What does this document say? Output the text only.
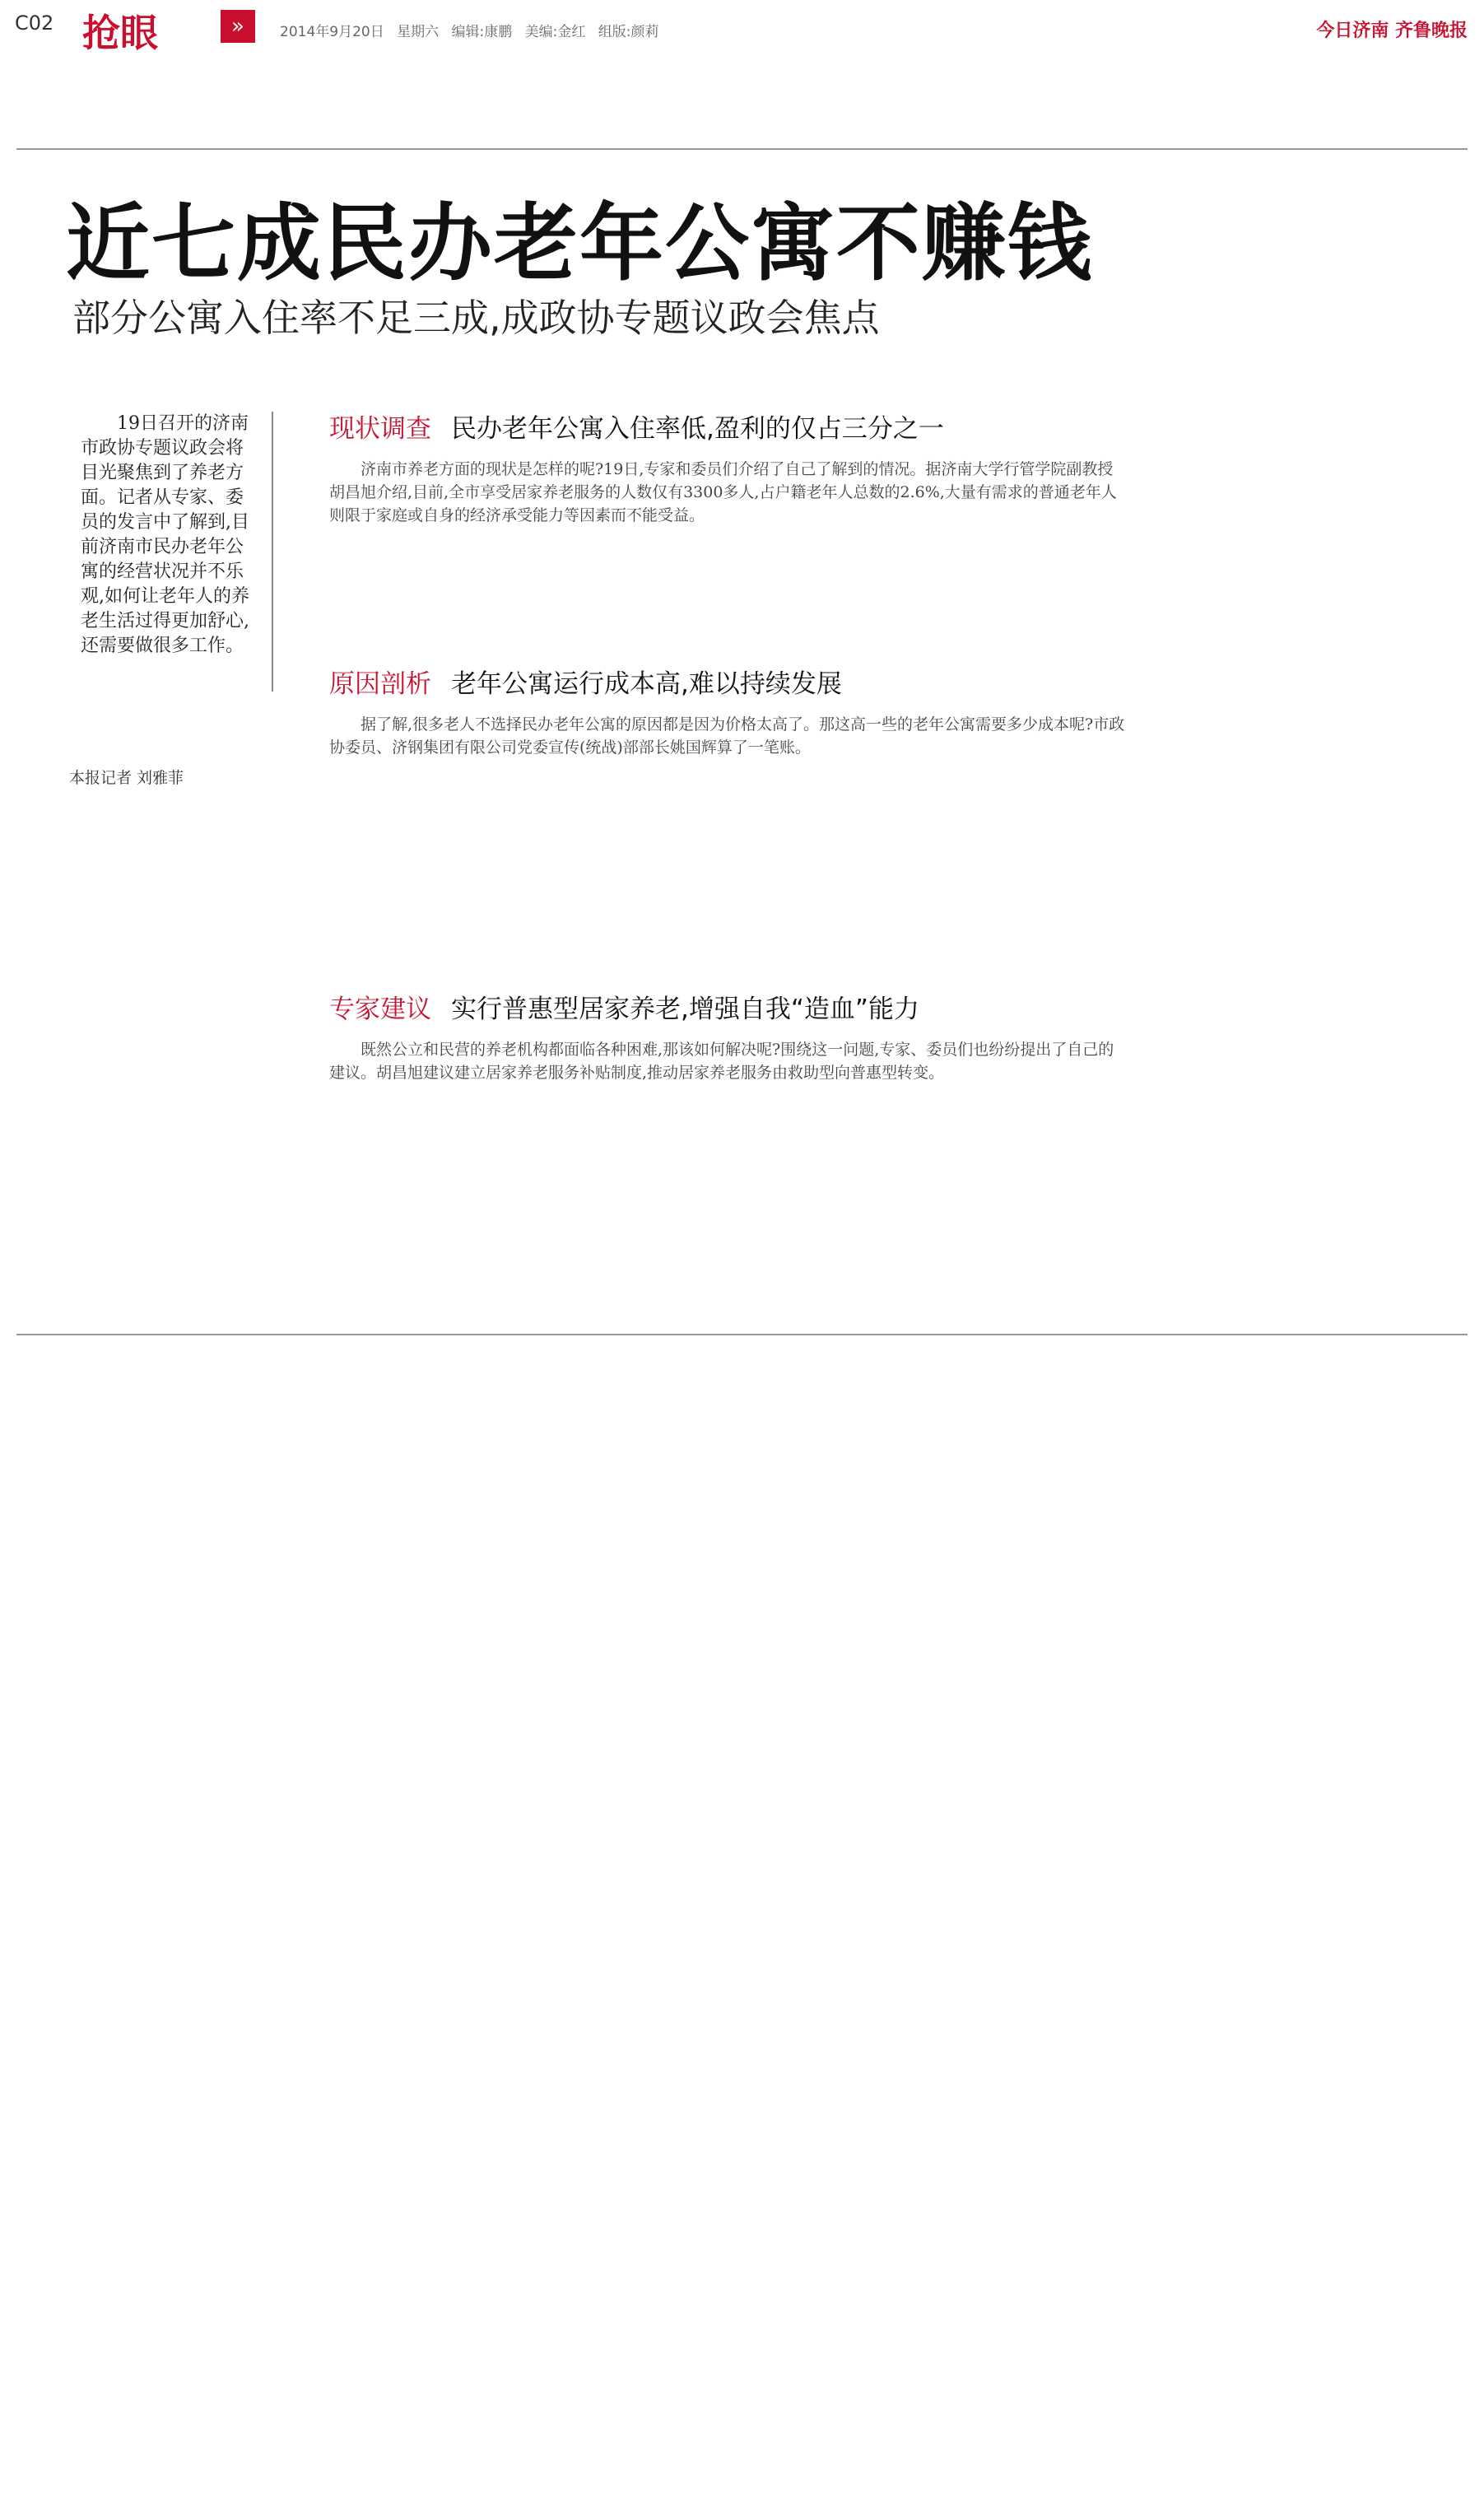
C02 抢眼	»	2014年9月20日 星期六 编辑:康鹏 美编:金红 组版:颜莉	今日济南 齐鲁晚报
近七成民办老年公寓不赚钱
部分公寓入住率不足三成,成政协专题议政会焦点
19日召开的济南市政协专题议政会将目光聚焦到了养老方面。记者从专家、委员的发言中了解到,目前济南市民办老年公寓的经营状况并不乐观,如何让老年人的养老生活过得更加舒心,还需要做很多工作。
本报记者 刘雅菲
现状调查 民办老年公寓入住率低,盈利的仅占三分之一

济南市养老方面的现状是怎样的呢?19日,专家和委员们介绍了自己了解到的情况。据济南大学行管学院副教授胡昌旭介绍,目前,全市享受居家养老服务的人数仅有3300多人,占户籍老年人总数的2.6%,大量有需求的普通老年人则限于家庭或自身的经济承受能力等因素而不能受益。

原因剖析 老年公寓运行成本高,难以持续发展

据了解,很多老人不选择民办老年公寓的原因都是因为价格太高了。那这高一些的老年公寓需要多少成本呢?市政协委员、济钢集团有限公司党委宣传(统战)部部长姚国辉算了一笔账。

专家建议 实行普惠型居家养老,增强自我“造血”能力

既然公立和民营的养老机构都面临各种困难,那该如何解决呢?围绕这一问题,专家、委员们也纷纷提出了自己的建议。胡昌旭建议建立居家养老服务补贴制度,推动居家养老服务由救助型向普惠型转变。
